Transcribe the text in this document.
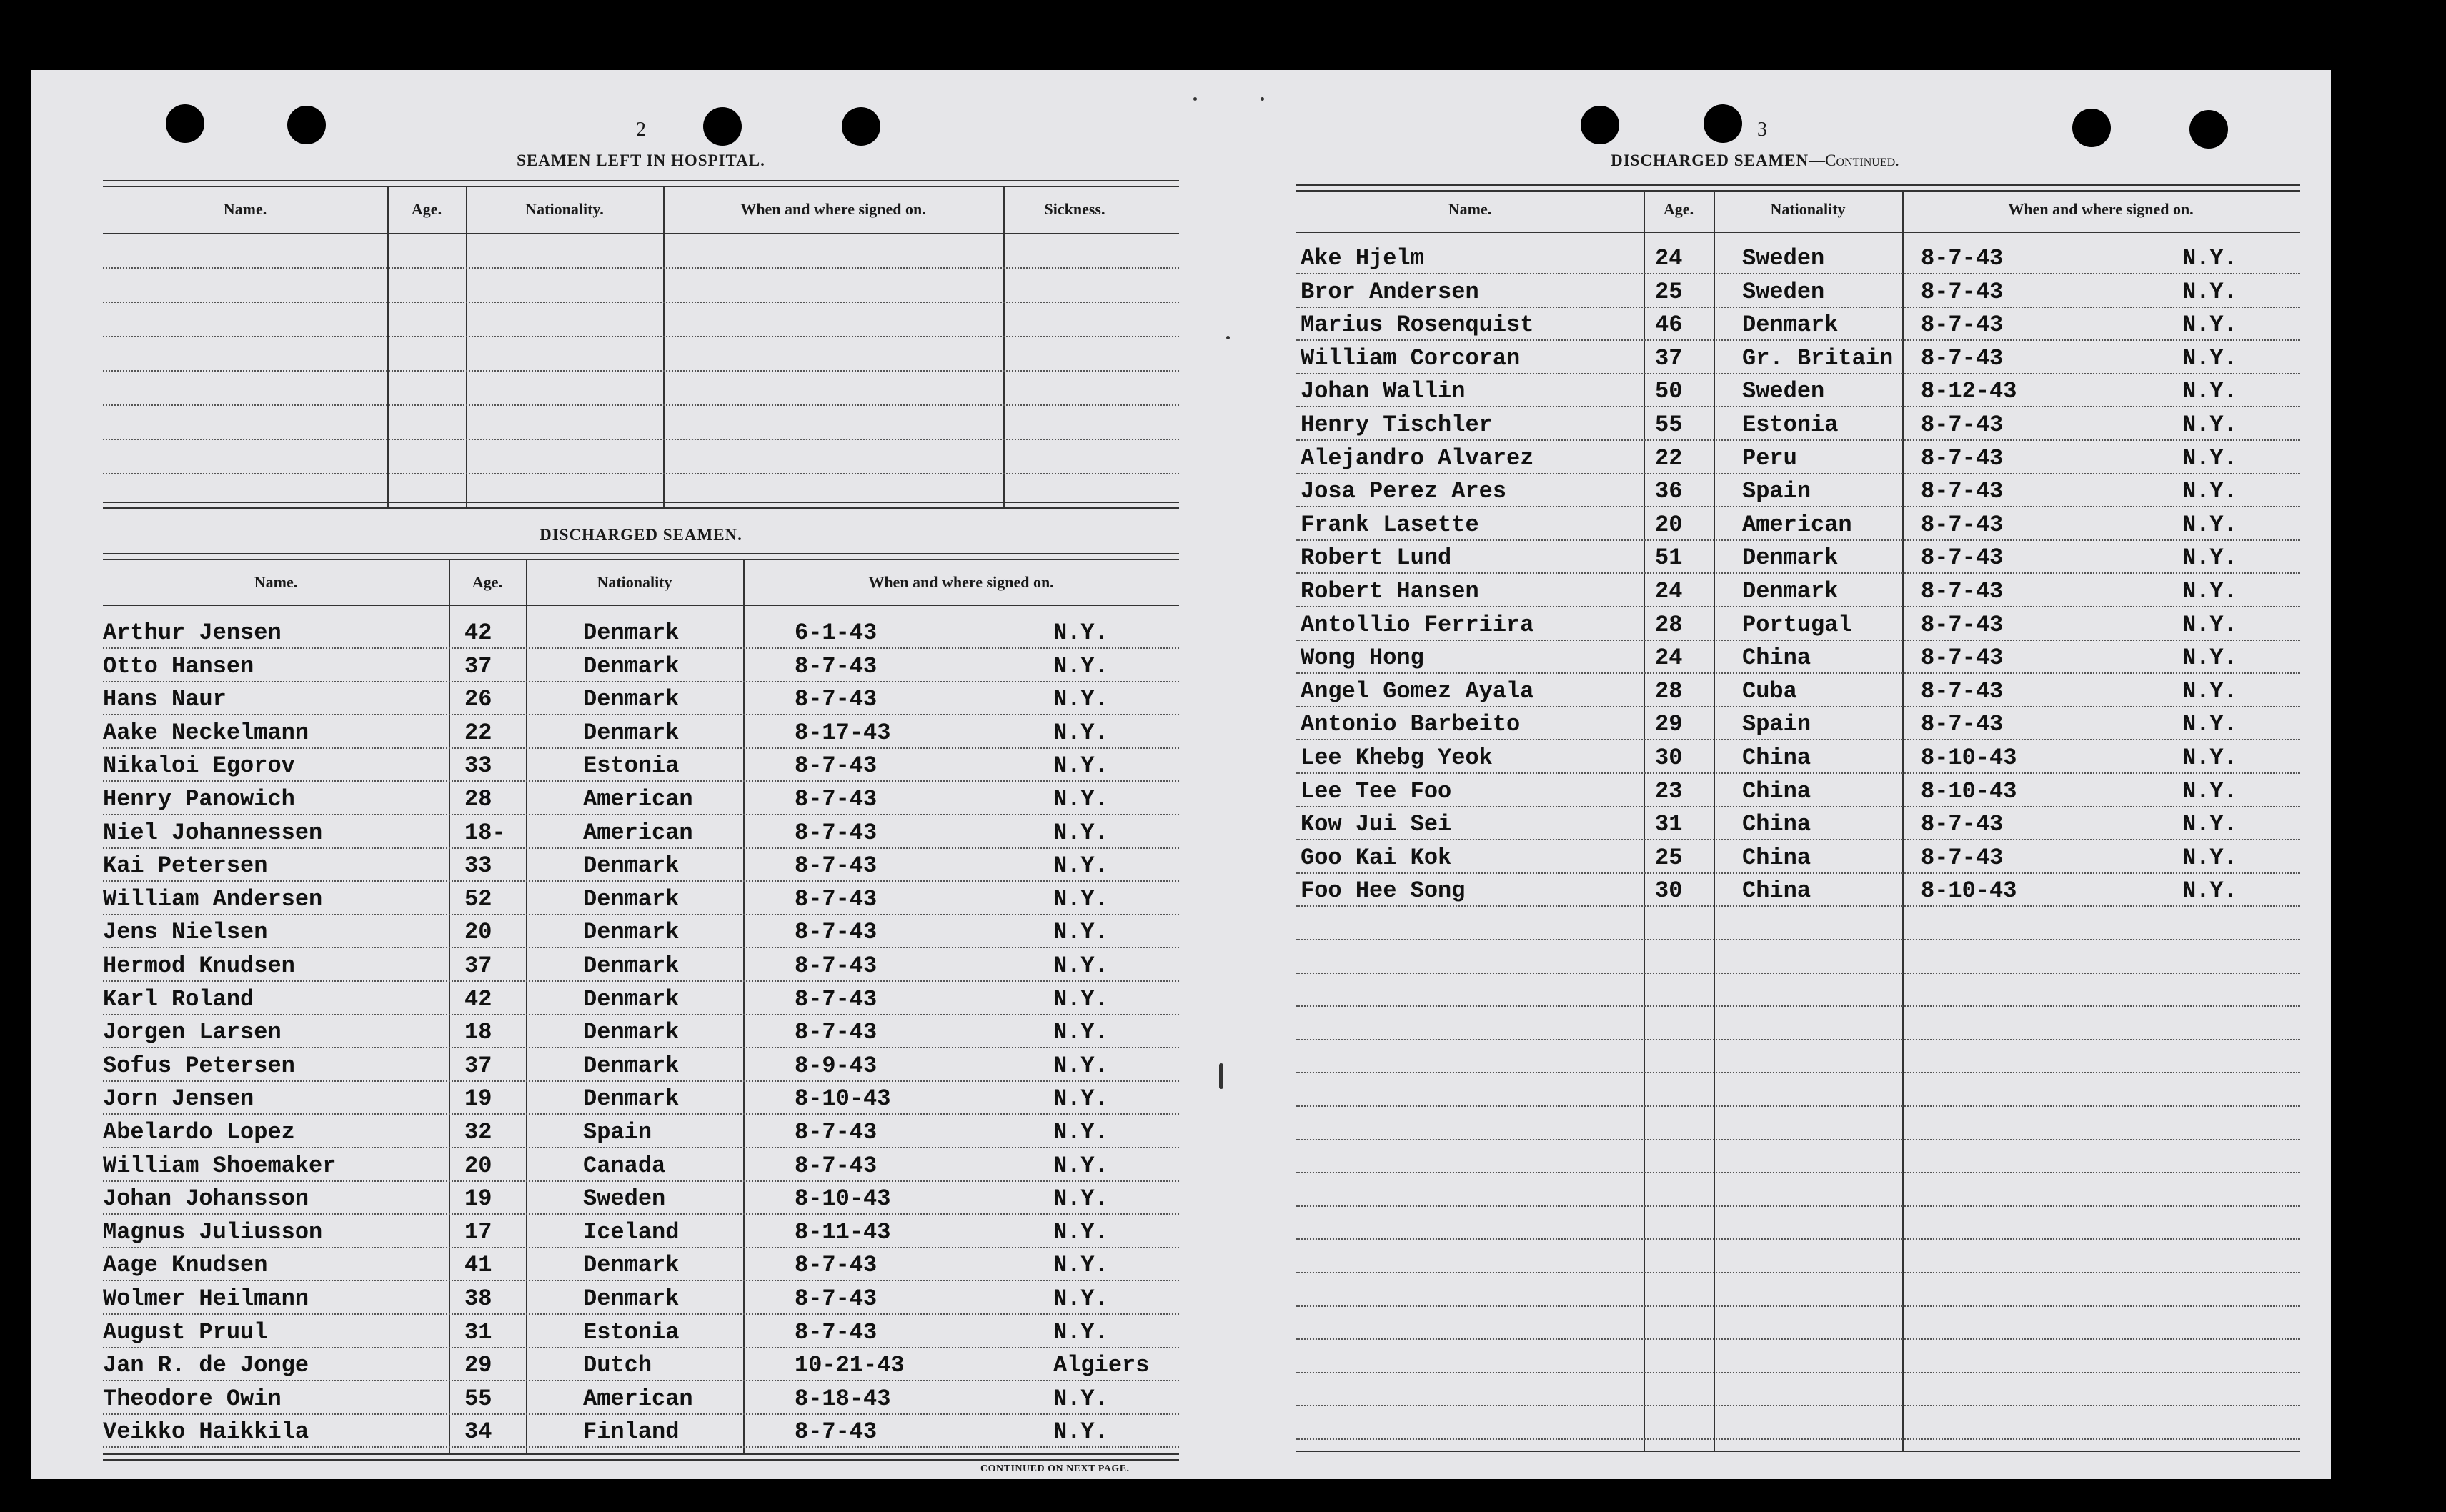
2
SEAMEN LEFT IN HOSPITAL.
Name.	Age.	Nationality.	When and where signed on.	Sickness.
DISCHARGED SEAMEN.
Name.	Age.	Nationality	When and where signed on.
Arthur Jensen	42	Denmark	6-1-43	N.Y.
Otto Hansen	37	Denmark	8-7-43	N.Y.
Hans Naur	26	Denmark	8-7-43	N.Y.
Aake Neckelmann	22	Denmark	8-17-43	N.Y.
Nikaloi Egorov	33	Estonia	8-7-43	N.Y.
Henry Panowich	28	American	8-7-43	N.Y.
Niel Johannessen	18-	American	8-7-43	N.Y.
Kai Petersen	33	Denmark	8-7-43	N.Y.
William Andersen	52	Denmark	8-7-43	N.Y.
Jens Nielsen	20	Denmark	8-7-43	N.Y.
Hermod Knudsen	37	Denmark	8-7-43	N.Y.
Karl Roland	42	Denmark	8-7-43	N.Y.
Jorgen Larsen	18	Denmark	8-7-43	N.Y.
Sofus Petersen	37	Denmark	8-9-43	N.Y.
Jorn Jensen	19	Denmark	8-10-43	N.Y.
Abelardo Lopez	32	Spain	8-7-43	N.Y.
William Shoemaker	20	Canada	8-7-43	N.Y.
Johan Johansson	19	Sweden	8-10-43	N.Y.
Magnus Juliusson	17	Iceland	8-11-43	N.Y.
Aage Knudsen	41	Denmark	8-7-43	N.Y.
Wolmer Heilmann	38	Denmark	8-7-43	N.Y.
August Pruul	31	Estonia	8-7-43	N.Y.
Jan R. de Jonge	29	Dutch	10-21-43	Algiers
Theodore Owin	55	American	8-18-43	N.Y.
Veikko Haikkila	34	Finland	8-7-43	N.Y.
CONTINUED ON NEXT PAGE.
3
DISCHARGED SEAMEN—Continued.
Name.	Age.	Nationality	When and where signed on.
Ake Hjelm	24	Sweden	8-7-43	N.Y.
Bror Andersen	25	Sweden	8-7-43	N.Y.
Marius Rosenquist	46	Denmark	8-7-43	N.Y.
William Corcoran	37	Gr. Britain 8-7-43	N.Y.
Johan Wallin	50	Sweden	8-12-43	N.Y.
Henry Tischler	55	Estonia	8-7-43	N.Y.
Alejandro Alvarez	22	Peru	8-7-43	N.Y.
Josa Perez Ares	36	Spain	8-7-43	N.Y.
Frank Lasette	20	American	8-7-43	N.Y.
Robert Lund	51	Denmark	8-7-43	N.Y.
Robert Hansen	24	Denmark	8-7-43	N.Y.
Antollio Ferriira	28	Portugal	8-7-43	N.Y.
Wong Hong	24	China	8-7-43	N.Y.
Angel Gomez Ayala	28	Cuba	8-7-43	N.Y.
Antonio Barbeito	29	Spain	8-7-43	N.Y.
Lee Khebg Yeok	30	China	8-10-43	N.Y.
Lee Tee Foo	23	China	8-10-43	N.Y.
Kow Jui Sei	31	China	8-7-43	N.Y.
Goo Kai Kok	25	China	8-7-43	N.Y.
Foo Hee Song	30	China	8-10-43	N.Y.
